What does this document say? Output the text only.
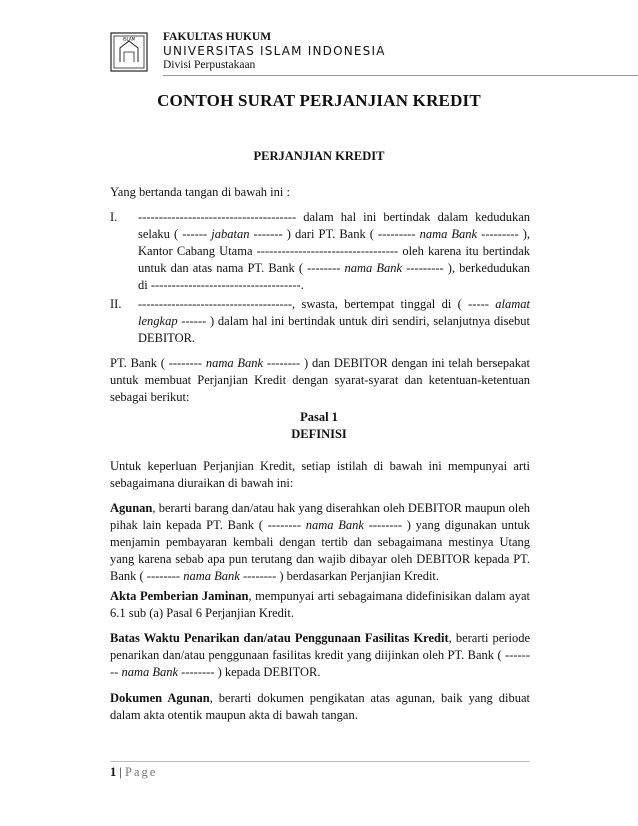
ISLAM FAKULTAS HUKUM
UNIVERSITAS ISLAM INDONESIA
Divisi Perpustakaan
CONTOH SURAT PERJANJIAN KREDIT
PERJANJIAN KREDIT

Yang bertanda tangan di bawah ini :

I. -------------------------------------- dalam hal ini bertindak dalam kedudukan selaku ( ------ jabatan ------- ) dari PT. Bank ( --------- nama Bank --------- ), Kantor Cabang Utama ---------------------------------- oleh karena itu bertindak untuk dan atas nama PT. Bank ( -------- nama Bank --------- ), berkedudukan di ------------------------------------.
II. -------------------------------------, swasta, bertempat tinggal di ( ----- alamat lengkap ------ ) dalam hal ini bertindak untuk diri sendiri, selanjutnya disebut DEBITOR.

PT. Bank ( -------- nama Bank -------- ) dan DEBITOR dengan ini telah bersepakat untuk membuat Perjanjian Kredit dengan syarat-syarat dan ketentuan-ketentuan sebagai berikut:

Pasal 1
DEFINISI

Untuk keperluan Perjanjian Kredit, setiap istilah di bawah ini mempunyai arti sebagaimana diuraikan di bawah ini:

Agunan, berarti barang dan/atau hak yang diserahkan oleh DEBITOR maupun oleh pihak lain kepada PT. Bank ( -------- nama Bank -------- ) yang digunakan untuk menjamin pembayaran kembali dengan tertib dan sebagaimana mestinya Utang yang karena sebab apa pun terutang dan wajib dibayar oleh DEBITOR kepada PT. Bank ( -------- nama Bank -------- ) berdasarkan Perjanjian Kredit.

Akta Pemberian Jaminan, mempunyai arti sebagaimana didefinisikan dalam ayat 6.1 sub (a) Pasal 6 Perjanjian Kredit.

Batas Waktu Penarikan dan/atau Penggunaan Fasilitas Kredit, berarti periode penarikan dan/atau penggunaan fasilitas kredit yang diijinkan oleh PT. Bank ( -------- nama Bank -------- ) kepada DEBITOR.

Dokumen Agunan, berarti dokumen pengikatan atas agunan, baik yang dibuat dalam akta otentik maupun akta di bawah tangan.

1 | Page
